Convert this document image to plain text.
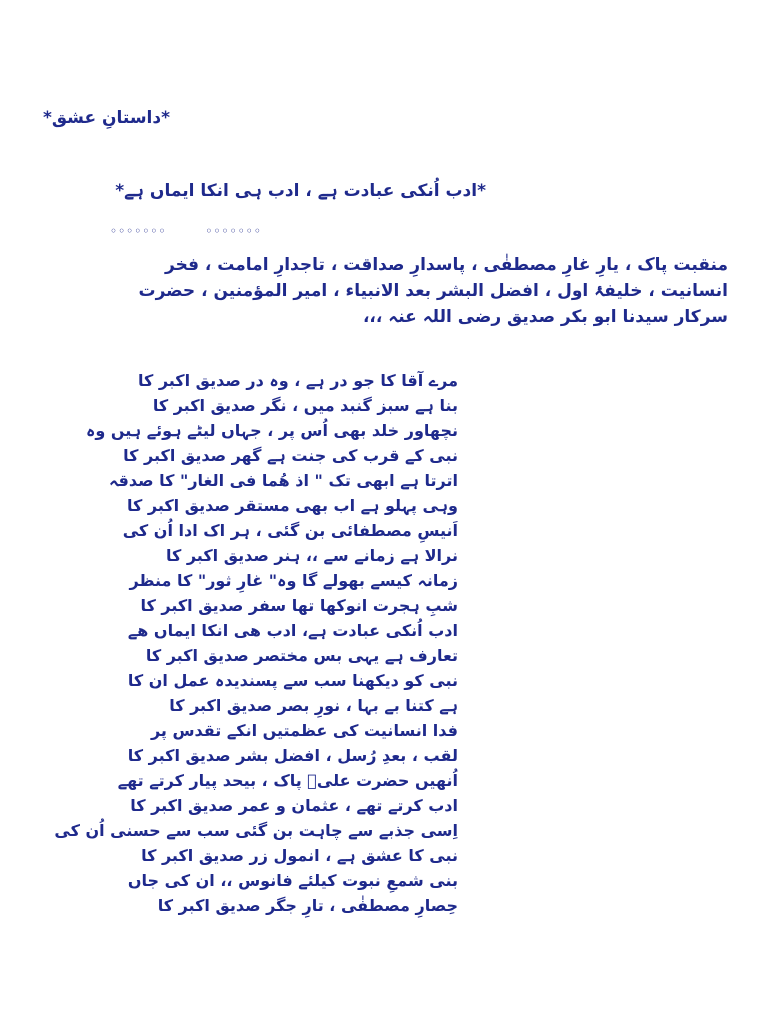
*داستانِ عشق*
*ادب اُنکی عبادت ہے ، ادب ہی انکا ایماں ہے*
◦◦◦◦◦◦◦	◦◦◦◦◦◦◦
منقبت پاک ، یارِ غارِ مصطفٰی ، پاسدارِ صداقت ، تاجدارِ امامت ، فخر
انسانیت ، خلیفۂ اول ، افضل البشر بعد الانبیاء ، امیر المؤمنین ، حضرت
سرکار سیدنا ابو بکر صدیق رضی اللہ عنہ ،،،
مرے آقا کا جو در ہے ، وہ در صدیق اکبر کا
بنا ہے سبز گنبد میں ، نگر صدیق اکبر کا
نچھاور خلد بھی اُس پر ، جہاں لیٹے ہوئے ہیں وہ
نبی کے قرب کی جنت ہے گھر صدیق اکبر کا
اترتا ہے ابھی تک " اذ ھُما فی الغار" کا صدقہ
وہی پہلو ہے اب بھی مستقر صدیق اکبر کا
اَنیسِ مصطفائی بن گئی ، ہر اک ادا اُن کی
نرالا ہے زمانے سے ،، ہنر صدیق اکبر کا
زمانہ کیسے بھولے گا وہ" غارِ ثور" کا منظر
شبِ ہجرت انوکھا تھا سفر صدیق اکبر کا
ادب اُنکی عبادت ہے، ادب ھی انکا ایماں ھے
تعارف ہے یہی بس مختصر صدیق اکبر کا
نبی کو دیکھنا سب سے پسندیدہ عمل ان کا
ہے کتنا بے بہا ، نورِ بصر صدیق اکبر کا
فدا انسانیت کی عظمتیں انکے تقدس پر
لقب ، بعدِ رُسل ، افضل بشر صدیق اکبر کا
اُنھیں حضرت علیؓ پاک ، بیحد پیار کرتے تھے
ادب کرتے تھے ، عثمان و عمر صدیق اکبر کا
اِسی جذبے سے چاہت بن گئی سب سے حسنی اُن کی
نبی کا عشق ہے ، انمول زر صدیق اکبر کا
بنی شمعِ نبوت کیلئے فانوس ،، ان کی جاں
حِصارِ مصطفٰی ، تارِ جگر صدیق اکبر کا
